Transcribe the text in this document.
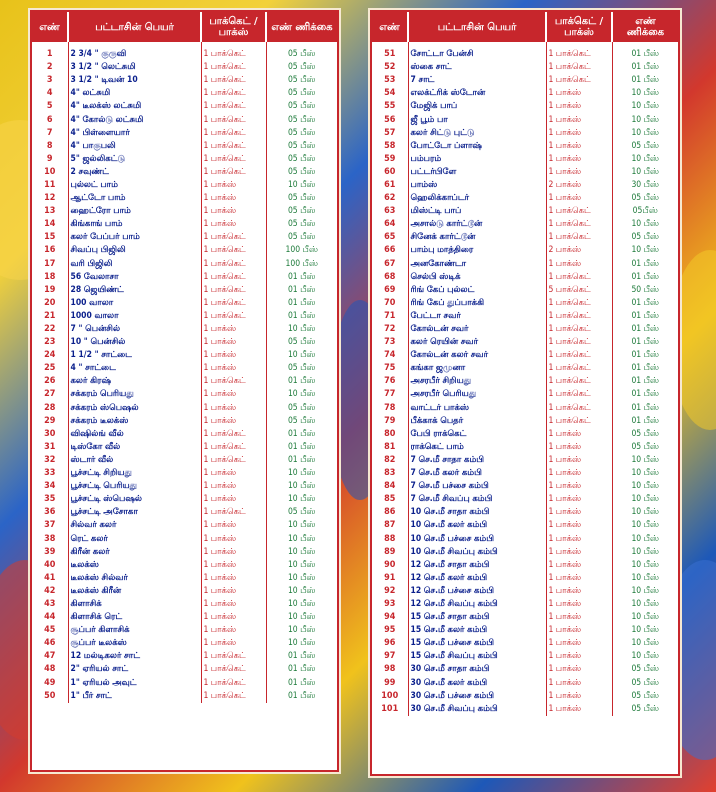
எண்	பட்டாசின் பெயர்	பாக்கெட் / பாக்ஸ்	எண் ணிக்கை
1	2 3/4 " குருவி	1 பாக்கெட்	05 பீஸ்
2	3 1/2 " லெட்சுமி	1 பாக்கெட்	05 பீஸ்
3	3 1/2 " டிவன் 10	1 பாக்கெட்	05 பீஸ்
4	4" லட்சுமி	1 பாக்கெட்	05 பீஸ்
5	4" டீலக்ஸ் லட்சுமி	1 பாக்கெட்	05 பீஸ்
6	4" கோல்டு லட்சுமி	1 பாக்கெட்	05 பீஸ்
7	4" பிள்ளையார்	1 பாக்கெட்	05 பீஸ்
8	4" பாகுபலி	1 பாக்கெட்	05 பீஸ்
9	5" ஜல்லிகட்டு	1 பாக்கெட்	05 பீஸ்
10	2 சவுண்ட்	1 பாக்கெட்	05 பீஸ்
11	புல்லட் பாம்	1 பாக்ஸ்	10 பீஸ்
12	ஆட்டோ பாம்	1 பாக்ஸ்	05 பீஸ்
13	ஹைட்ரோ பாம்	1 பாக்ஸ்	05 பீஸ்
14	கிங்காங் பாம்	1 பாக்ஸ்	05 பீஸ்
15	கலர் பேப்பர் பாம்	1 பாக்கெட்	05 பீஸ்
16	சிவப்பு பிஜிலி	1 பாக்கெட்	100 பீஸ்
17	வரி பிஜிலி	1 பாக்கெட்	100 பீஸ்
18	56 வேலாசா	1 பாக்கெட்	01 பீஸ்
19	28 ஜெயிண்ட்	1 பாக்கெட்	01 பீஸ்
20	100 வாலா	1 பாக்கெட்	01 பீஸ்
21	1000 வாலா	1 பாக்கெட்	01 பீஸ்
22	7 " பென்சில்	1 பாக்ஸ்	10 பீஸ்
23	10 " பென்சில்	1 பாக்ஸ்	05 பீஸ்
24	1 1/2 " சாட்டை	1 பாக்ஸ்	10 பீஸ்
25	4 " சாட்டை	1 பாக்ஸ்	05 பீஸ்
26	கலர் கிரஷ்	1 பாக்கெட்	01 பீஸ்
27	சக்கரம் பெரியது	1 பாக்ஸ்	10 பீஸ்
28	சக்கரம் ஸ்பெஷல்	1 பாக்ஸ்	05 பீஸ்
29	சக்கரம் டீலக்ஸ்	1 பாக்ஸ்	05 பீஸ்
30	விஷில்ங் வீல்	1 பாக்கெட்	01 பீஸ்
31	டிஸ்கோ வீல்	1 பாக்கெட்	01 பீஸ்
32	ஸ்டார் வீல்	1 பாக்கெட்	01 பீஸ்
33	பூச்சட்டி சிறியது	1 பாக்ஸ்	10 பீஸ்
34	பூச்சட்டி பெரியது	1 பாக்ஸ்	10 பீஸ்
35	பூச்சட்டி ஸ்பெஷல்	1 பாக்ஸ்	10 பீஸ்
36	பூச்சட்டி அசோகா	1 பாக்கெட்	05 பீஸ்
37	சில்வர் கலர்	1 பாக்ஸ்	10 பீஸ்
38	ரெட் கலர்	1 பாக்ஸ்	10 பீஸ்
39	கிரீன் கலர்	1 பாக்ஸ்	10 பீஸ்
40	டீலக்ஸ்	1 பாக்ஸ்	10 பீஸ்
41	டீலக்ஸ் சில்வர்	1 பாக்ஸ்	10 பீஸ்
42	டீலக்ஸ் கிரீன்	1 பாக்ஸ்	10 பீஸ்
43	கிளாசிக்	1 பாக்ஸ்	10 பீஸ்
44	கிளாசிக் ரெட்	1 பாக்ஸ்	10 பீஸ்
45	சூப்பர் கிளாசிக்	1 பாக்ஸ்	10 பீஸ்
46	சூப்பர் டீலக்ஸ்	1 பாக்ஸ்	10 பீஸ்
47	12 மல்டிகலர் சாட்	1 பாக்கெட்	01 பீஸ்
48	2" ஏரியல் சாட்	1 பாக்கெட்	01 பீஸ்
49	1" ஏரியல் அவுட்	1 பாக்கெட்	01 பீஸ்
50	1" பீர் சாட்	1 பாக்கெட்	01 பீஸ்
எண்	பட்டாசின் பெயர்	பாக்கெட் / பாக்ஸ்	எண் ணிக்கை
51	சோட்டா பேன்சி	1 பாக்கெட்	01 பீஸ்
52	ஸ்கை சாட்	1 பாக்கெட்	01 பீஸ்
53	7 சாட்	1 பாக்கெட்	01 பீஸ்
54	எலக்ட்ரிக் ஸ்டோன்	1 பாக்ஸ்	10 பீஸ்
55	மேஜிக் பாப்	1 பாக்ஸ்	10 பீஸ்
56	ஜீ பூம் பா	1 பாக்ஸ்	10 பீஸ்
57	கலர் சிட்டு புட்டு	1 பாக்ஸ்	10 பீஸ்
58	போட்டோ ப்ளாஷ்	1 பாக்ஸ்	05 பீஸ்
59	பம்பரம்	1 பாக்ஸ்	10 பீஸ்
60	பட்டர்பிளே	1 பாக்ஸ்	10 பீஸ்
61	பாம்ஸ்	2 பாக்ஸ்	30 பீஸ்
62	ஹெலிக்காப்டர்	1 பாக்ஸ்	05 பீஸ்
63	மிஸ்ட்டி பாப்	1 பாக்கெட்	05பீஸ்
64	அசால்டு கார்ட்டூன்	1 பாக்கெட்	10 பீஸ்
65	சினேக் கார்ட்டூன்	1 பாக்கெட்	05 பீஸ்
66	பாம்பு மாத்திரை	2 பாக்ஸ்	10 பீஸ்
67	அனகோண்டா	1 பாக்ஸ்	01 பீஸ்
68	செல்பி ஸ்டிக்	1 பாக்கெட்	01 பீஸ்
69	ரிங் கேப் புல்லட்	5 பாக்கெட்	50 பீஸ்
70	ரிங் கேப் துப்பாக்கி	1 பாக்கெட்	01 பீஸ்
71	பேட்டா சவர்	1 பாக்கெட்	01 பீஸ்
72	கோல்டன் சவர்	1 பாக்கெட்	01 பீஸ்
73	கலர் ரெயின் சவர்	1 பாக்கெட்	01 பீஸ்
74	கோல்டன் கலர் சவர்	1 பாக்கெட்	01 பீஸ்
75	கங்கா ஜமுனா	1 பாக்கெட்	01 பீஸ்
76	அசரபீர் சிறியது	1 பாக்கெட்	01 பீஸ்
77	அசரபீர் பெரியது	1 பாக்கெட்	01 பீஸ்
78	வாட்டர் பாக்ஸ்	1 பாக்கெட்	01 பீஸ்
79	பீக்காக் பெதர்	1 பாக்கெட்	01 பீஸ்
80	பேபி ராக்கெட்	1 பாக்ஸ்	05 பீஸ்
81	ராக்கெட் பாம்	1 பாக்ஸ்	05 பீஸ்
82	7 செ.மீ சாதா கம்பி	1 பாக்ஸ்	10 பீஸ்
83	7 செ.மீ கலர் கம்பி	1 பாக்ஸ்	10 பீஸ்
84	7 செ.மீ பச்சை கம்பி	1 பாக்ஸ்	10 பீஸ்
85	7 செ.மீ சிவப்பு கம்பி	1 பாக்ஸ்	10 பீஸ்
86	10 செ.மீ சாதா கம்பி	1 பாக்ஸ்	10 பீஸ்
87	10 செ.மீ கலர் கம்பி	1 பாக்ஸ்	10 பீஸ்
88	10 செ.மீ பச்சை கம்பி	1 பாக்ஸ்	10 பீஸ்
89	10 செ.மீ சிவப்பு கம்பி	1 பாக்ஸ்	10 பீஸ்
90	12 செ.மீ சாதா கம்பி	1 பாக்ஸ்	10 பீஸ்
91	12 செ.மீ கலர் கம்பி	1 பாக்ஸ்	10 பீஸ்
92	12 செ.மீ பச்சை கம்பி	1 பாக்ஸ்	10 பீஸ்
93	12 செ.மீ சிவப்பு கம்பி	1 பாக்ஸ்	10 பீஸ்
94	15 செ.மீ சாதா கம்பி	1 பாக்ஸ்	10 பீஸ்
95	15 செ.மீ கலர் கம்பி	1 பாக்ஸ்	10 பீஸ்
96	15 செ.மீ பச்சை கம்பி	1 பாக்ஸ்	10 பீஸ்
97	15 செ.மீ சிவப்பு கம்பி	1 பாக்ஸ்	10 பீஸ்
98	30 செ.மீ சாதா கம்பி	1 பாக்ஸ்	05 பீஸ்
99	30 செ.மீ கலர் கம்பி	1 பாக்ஸ்	05 பீஸ்
100	30 செ.மீ பச்சை கம்பி	1 பாக்ஸ்	05 பீஸ்
101	30 செ.மீ சிவப்பு கம்பி	1 பாக்ஸ்	05 பீஸ்
